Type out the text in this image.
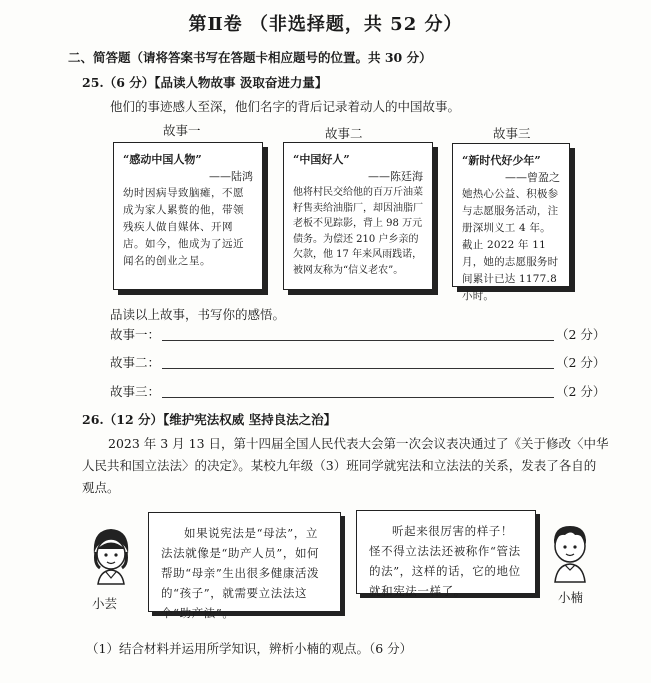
第Ⅱ卷 （非选择题，共 52 分）
二、简答题（请将答案书写在答题卡相应题号的位置。共 30 分）
25.（6 分）【品读人物故事 汲取奋进力量】
他们的事迹感人至深，他们名字的背后记录着动人的中国故事。
故事一	故事二	故事三
“感动中国人物”
——陆鸿
幼时因病导致脑瘫，不愿成为家人累赘的他，带领残疾人做自媒体、开网店。如今，他成为了远近闻名的创业之星。
“中国好人”
——陈廷海
他将村民交给他的百万斤油菜籽售卖给油脂厂，却因油脂厂老板不见踪影，背上 98 万元债务。为偿还 210 户乡亲的欠款，他 17 年来风雨践诺，被网友称为“信义老农”。
“新时代好少年”
——曾盈之
她热心公益、积极参与志愿服务活动，注册深圳义工 4 年。截止 2022 年 11 月，她的志愿服务时间累计已达 1177.8 小时。
品读以上故事，书写你的感悟。
故事一：	（2 分）
故事二：	（2 分）
故事三：	（2 分）
26.（12 分）【维护宪法权威 坚持良法之治】
2023 年 3 月 13 日，第十四届全国人民代表大会第一次会议表决通过了《关于修改〈中华
人民共和国立法法〉的决定》。某校九年级（3）班同学就宪法和立法法的关系，发表了各自的
观点。
小芸
如果说宪法是“母法”，立法法就像是“助产人员”，如何帮助“母亲”生出很多健康活泼的“孩子”，就需要立法法这个“助产法”。
听起来很厉害的样子！怪不得立法法还被称作“管法的法”，这样的话，它的地位就和宪法一样了。	小楠
（1）结合材料并运用所学知识，辨析小楠的观点。（6 分）
